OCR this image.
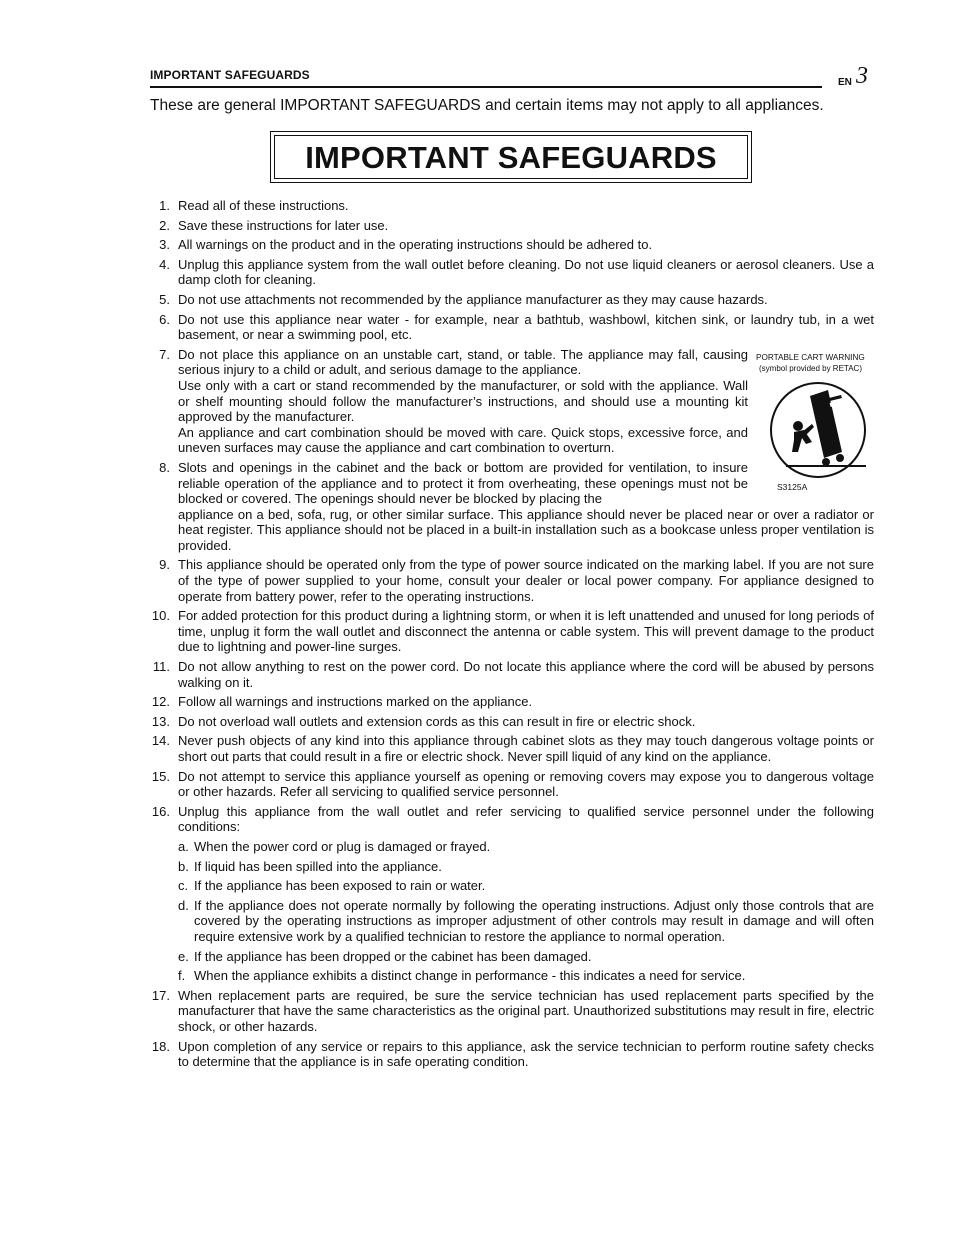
IMPORTANT SAFEGUARDS
EN 3
These are general IMPORTANT SAFEGUARDS and certain items may not apply to all appliances.
IMPORTANT SAFEGUARDS
1. Read all of these instructions.
2. Save these instructions for later use.
3. All warnings on the product and in the operating instructions should be adhered to.
4. Unplug this appliance system from the wall outlet before cleaning. Do not use liquid cleaners or aerosol cleaners. Use a damp cloth for cleaning.
5. Do not use attachments not recommended by the appliance manufacturer as they may cause hazards.
6. Do not use this appliance near water - for example, near a bathtub, washbowl, kitchen sink, or laundry tub, in a wet basement, or near a swimming pool, etc.
7. Do not place this appliance on an unstable cart, stand, or table. The appliance may fall, causing serious injury to a child or adult, and serious damage to the appliance.
Use only with a cart or stand recommended by the manufacturer, or sold with the appliance. Wall or shelf mounting should follow the manufacturer’s instructions, and should use a mounting kit approved by the manufacturer.
An appliance and cart combination should be moved with care. Quick stops, excessive force, and uneven surfaces may cause the appliance and cart combination to overturn.
8. Slots and openings in the cabinet and the back or bottom are provided for ventilation, to insure reliable operation of the appliance and to protect it from overheating, these openings must not be blocked or covered. The openings should never be blocked by placing the
appliance on a bed, sofa, rug, or other similar surface. This appliance should never be placed near or over a radiator or heat register. This appliance should not be placed in a built-in installation such as a bookcase unless proper ventilation is provided.
9. This appliance should be operated only from the type of power source indicated on the marking label. If you are not sure of the type of power supplied to your home, consult your dealer or local power company. For appliance designed to operate from battery power, refer to the operating instructions.
10. For added protection for this product during a lightning storm, or when it is left unattended and unused for long periods of time, unplug it form the wall outlet and disconnect the antenna or cable system. This will prevent damage to the product due to lightning and power-line surges.
11. Do not allow anything to rest on the power cord. Do not locate this appliance where the cord will be abused by persons walking on it.
12. Follow all warnings and instructions marked on the appliance.
13. Do not overload wall outlets and extension cords as this can result in fire or electric shock.
14. Never push objects of any kind into this appliance through cabinet slots as they may touch dangerous voltage points or short out parts that could result in a fire or electric shock. Never spill liquid of any kind on the appliance.
15. Do not attempt to service this appliance yourself as opening or removing covers may expose you to dangerous voltage or other hazards. Refer all servicing to qualified service personnel.
16. Unplug this appliance from the wall outlet and refer servicing to qualified service personnel under the following conditions:
a. When the power cord or plug is damaged or frayed.
b. If liquid has been spilled into the appliance.
c. If the appliance has been exposed to rain or water.
d. If the appliance does not operate normally by following the operating instructions. Adjust only those controls that are covered by the operating instructions as improper adjustment of other controls may result in damage and will often require extensive work by a qualified technician to restore the appliance to normal operation.
e. If the appliance has been dropped or the cabinet has been damaged.
f. When the appliance exhibits a distinct change in performance - this indicates a need for service.
17. When replacement parts are required, be sure the service technician has used replacement parts specified by the manufacturer that have the same characteristics as the original part. Unauthorized substitutions may result in fire, electric shock, or other hazards.
18. Upon completion of any service or repairs to this appliance, ask the service technician to perform routine safety checks to determine that the appliance is in safe operating condition.
PORTABLE CART WARNING
(symbol provided by RETAC)
S3125A
